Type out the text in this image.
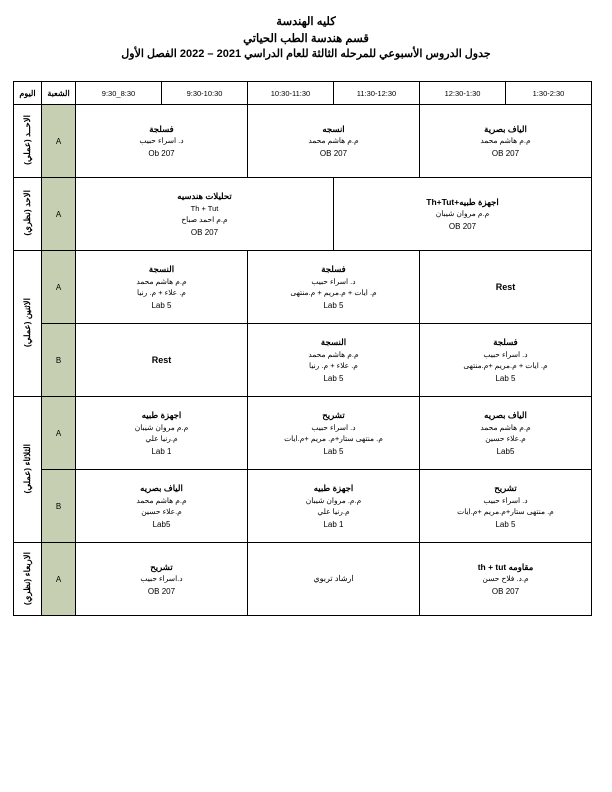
كليه الهندسة
قسم هندسة الطب الحياتي
جدول الدروس الأسبوعي للمرحله الثالثة للعام الدراسي 2021 – 2022 الفصل الأول
1:30-2:30	12:30-1:30	11:30-12:30	10:30-11:30	9:30-10:30	8:30_9:30	الشعبة	اليوم

الياف بصرية
م.م هاشم محمد
OB 207		انسجه
م.م هاشم محمد
OB 207		فسلجة
د. اسراء حبيب
Ob 207		A	الاحــد (عملي)

اجهزة طبيه+Th+Tut
م.م مروان شيبان
OB 207			تحليلات هندسيه
Th + Tut
م.م احمد صباح
OB 207			A	الاحد (نظري)
Rest		فسلجة
د. اسراء حبيب
م. ايات + م.مريم + م.منتهى
Lab 5		النسجة
م.م هاشم محمد
م. علاء + م. رنيا
Lab 5		A	الاثنين (عملي)

فسلجة
د. اسراء حبيب
م. ايات + م.مريم +م.منتهى
Lab 5		النسجة
م.م هاشم محمد
م. علاء + م. رنيا
Lab 5		Rest		B	

الياف بصريه
م.م هاشم محمد
م.علاء حسين
Lab5		تشريح
د. اسراء حبيب
م. منتهى ستار+م. مريم +م.ايات
Lab 5		اجهزة طبيه
م.م مروان شيبان
م.رنيا علي
Lab 1		A	الثلاثاء (عملي)

تشريح
د. اسراء حبيب
م. منتهى ستار+م.مريم +م.ايات
Lab 5		اجهزة طبيه
م.م. مروان شيبان
م.رنيا علي
Lab 1		الياف بصريه
م.م هاشم محمد
م.علاء حسين
Lab5		B	

مقاومه th + tut
م.د. فلاح حسن
OB 207		ارشاد تربوي		تشريح
د.اسراء حبيب
OB 207		A	الاربعاء (نظري)
